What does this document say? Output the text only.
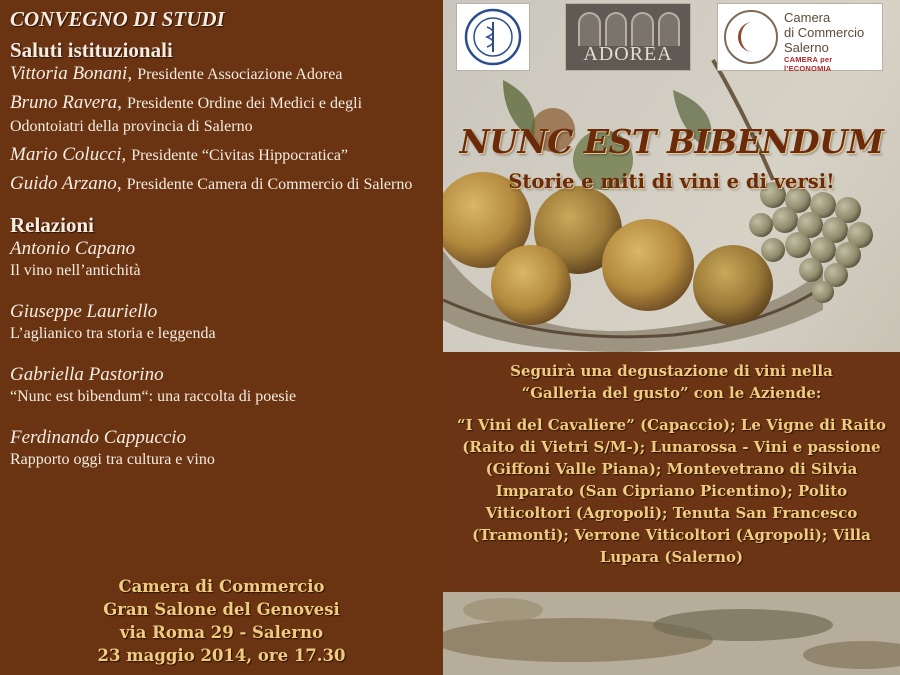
CONVEGNO DI STUDI
Saluti istituzionali
Vittoria Bonani, Presidente Associazione Adorea
Bruno Ravera, Presidente Ordine dei Medici e degli Odontoiatri della provincia di Salerno
Mario Colucci, Presidente “Civitas Hippocratica”
Guido Arzano, Presidente Camera di Commercio di Salerno
Relazioni
Antonio Capano
Il vino nell’antichità
Giuseppe Lauriello
L’aglianico tra storia e leggenda
Gabriella Pastorino
“Nunc est bibendum“: una raccolta di poesie
Ferdinando Cappuccio
Rapporto oggi tra cultura e vino
Camera di Commercio
Gran Salone del Genovesi
via Roma 29 - Salerno
23 maggio 2014, ore 17.30
ADOREA
Camera
di Commercio
Salerno
CAMERA per l’ECONOMIA
NUNC EST BIBENDUM
Storie e miti di vini e di versi!
Seguirà una degustazione di vini nella
“Galleria del gusto” con le Aziende:
“I Vini del Cavaliere” (Capaccio); Le Vigne di Raito (Raito di Vietri S/M-); Lunarossa - Vini e passione (Giffoni Valle Piana); Montevetrano di Silvia Imparato (San Cipriano Picentino); Polito Viticoltori (Agropoli); Tenuta San Francesco (Tramonti); Verrone Viticoltori (Agropoli); Villa Lupara (Salerno)
